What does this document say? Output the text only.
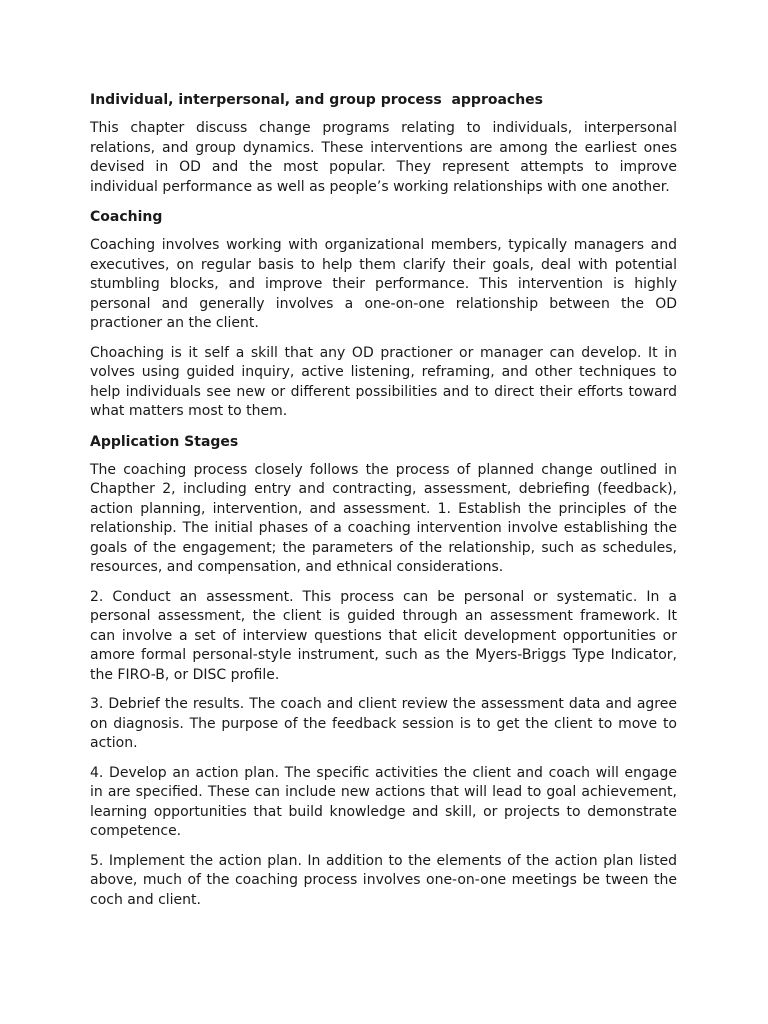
Individual, interpersonal, and group process  approaches

This chapter discuss change programs relating to individuals, interpersonal relations, and group dynamics. These interventions are among the earliest ones devised in OD and the most popular. They represent attempts to improve individual performance as well as people’s working relationships with one another.

Coaching

Coaching involves working with organizational members, typically managers and executives, on regular basis to help them clarify their goals, deal with potential stumbling blocks, and improve their performance. This intervention is highly personal and generally involves a one-on-one relationship between the OD practioner an the client.

Choaching is it self a skill that any OD practioner or manager can develop. It in volves using guided inquiry, active listening, reframing, and other techniques to help individuals see new or different possibilities and to direct their efforts toward what matters most to them.

Application Stages

The coaching process closely follows the process of planned change outlined in Chapther 2, including entry and contracting, assessment, debriefing (feedback), action planning, intervention, and assessment. 1. Establish the principles of the relationship. The initial phases of a coaching intervention involve establishing the goals of the engagement; the parameters of the relationship, such as schedules, resources, and compensation, and ethnical considerations.

2. Conduct an assessment. This process can be personal or systematic. In a personal assessment, the client is guided through an assessment framework. It can involve a set of interview questions that elicit development opportunities or amore formal personal-style instrument, such as the Myers-Briggs Type Indicator, the FIRO-B, or DISC profile.

3. Debrief the results. The coach and client review the assessment data and agree on diagnosis. The purpose of the feedback session is to get the client to move to action.

4. Develop an action plan. The specific activities the client and coach will engage in are specified. These can include new actions that will lead to goal achievement, learning opportunities that build knowledge and skill, or projects to demonstrate competence.

5. Implement the action plan. In addition to the elements of the action plan listed above, much of the coaching process involves one-on-one meetings be tween the coch and client.
